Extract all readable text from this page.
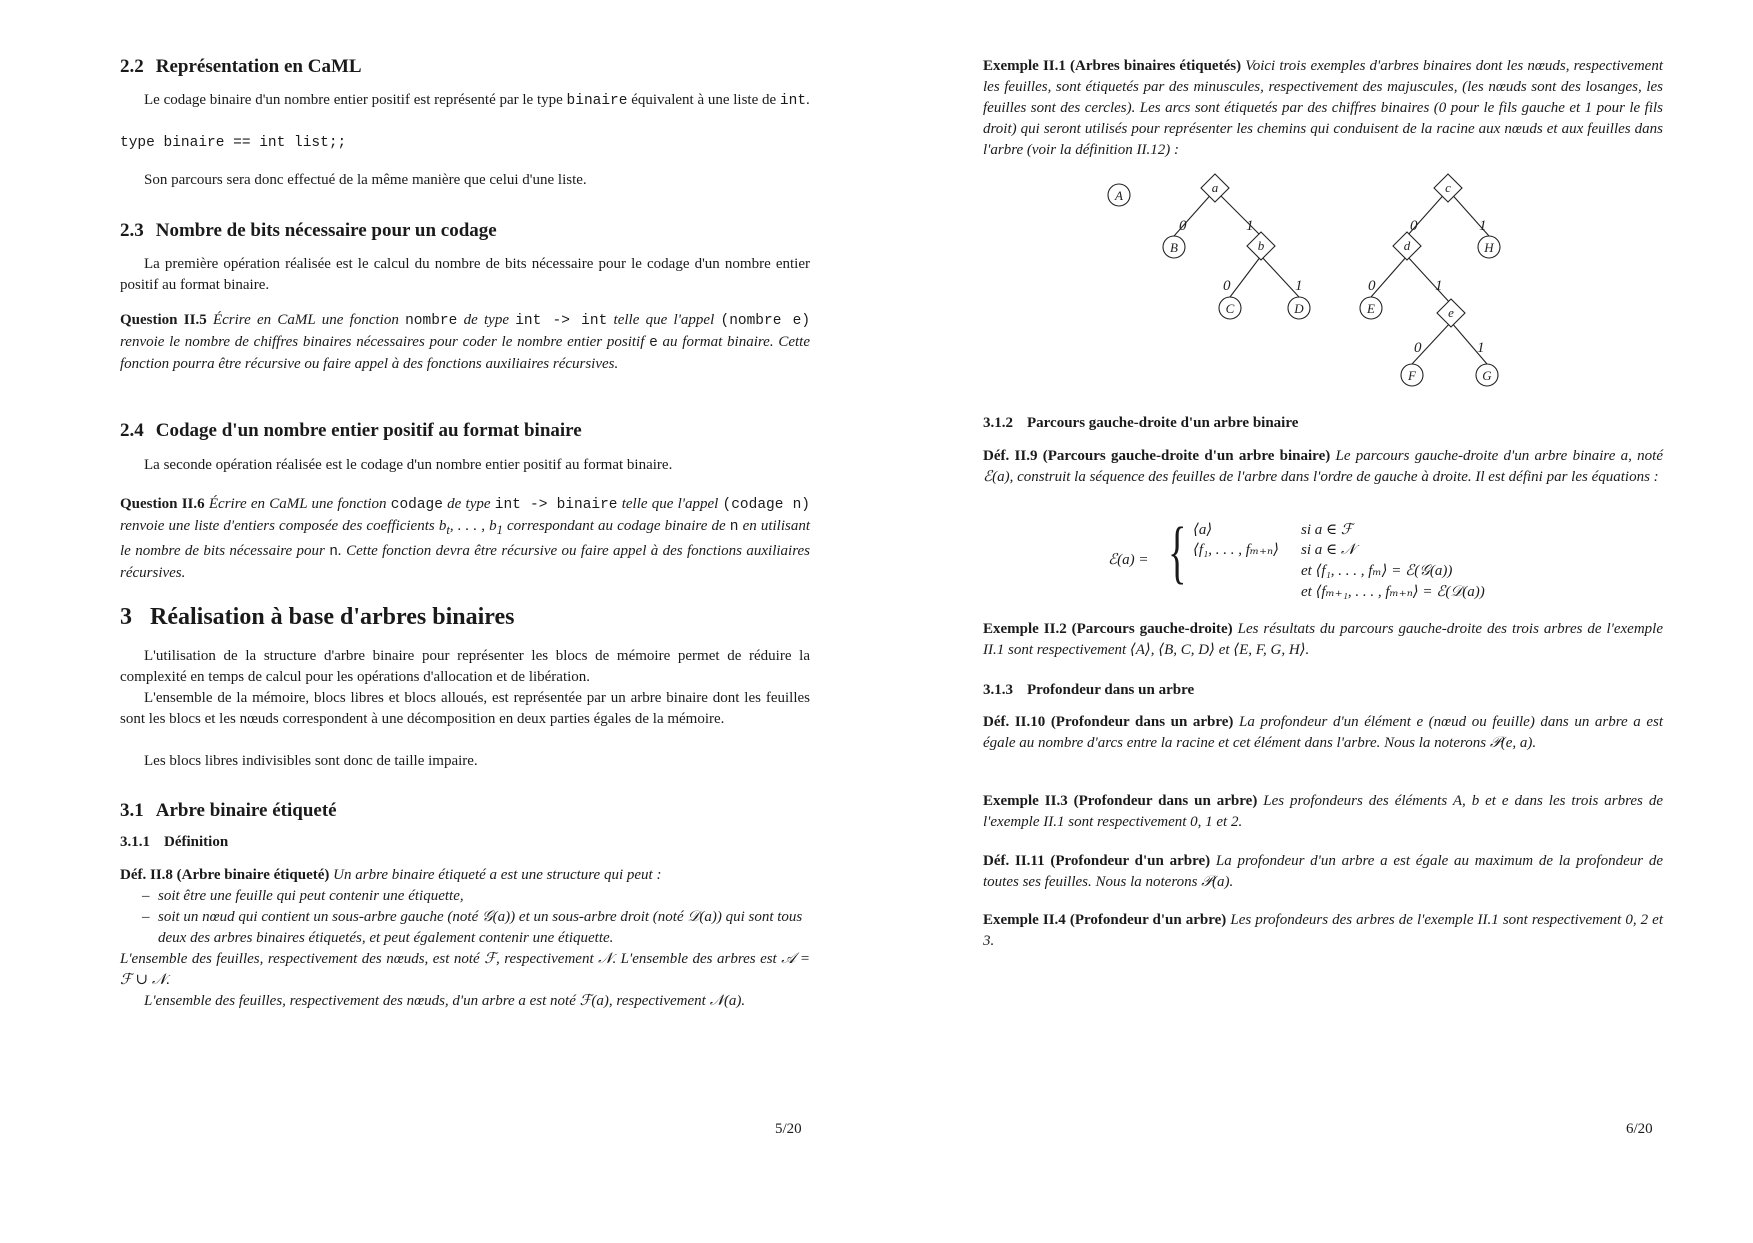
2.2 Représentation en CaML

Le codage binaire d'un nombre entier positif est représenté par le type binaire équivalent à une liste de int.

type binaire == int list;;

Son parcours sera donc effectué de la même manière que celui d'une liste.

2.3 Nombre de bits nécessaire pour un codage

La première opération réalisée est le calcul du nombre de bits nécessaire pour le codage d'un nombre entier positif au format binaire.

Question II.5 Écrire en CaML une fonction nombre de type int -> int telle que l'appel (nombre e) renvoie le nombre de chiffres binaires nécessaires pour coder le nombre entier positif e au format binaire. Cette fonction pourra être récursive ou faire appel à des fonctions auxiliaires récursives.

2.4 Codage d'un nombre entier positif au format binaire

La seconde opération réalisée est le codage d'un nombre entier positif au format binaire.

Question II.6 Écrire en CaML une fonction codage de type int -> binaire telle que l'appel (codage n) renvoie une liste d'entiers composée des coefficients $b_t$, . . . , $b_1$ correspondant au codage binaire de n en utilisant le nombre de bits nécessaire pour n. Cette fonction devra être récursive ou faire appel à des fonctions auxiliaires récursives.

3 Réalisation à base d'arbres binaires

L'utilisation de la structure d'arbre binaire pour représenter les blocs de mémoire permet de réduire la complexité en temps de calcul pour les opérations d'allocation et de libération.

L'ensemble de la mémoire, blocs libres et blocs alloués, est représentée par un arbre binaire dont les feuilles sont les blocs et les nœuds correspondent à une décomposition en deux parties égales de la mémoire.

Les blocs libres indivisibles sont donc de taille impaire.

3.1 Arbre binaire étiqueté
3.1.1 Définition
Déf. II.8 (Arbre binaire étiqueté) Un arbre binaire étiqueté a est une structure qui peut :
– soit être une feuille qui peut contenir une étiquette,
– soit un nœud qui contient un sous-arbre gauche (noté 𝒢(a)) et un sous-arbre droit (noté 𝒟(a)) qui sont tous deux des arbres binaires étiquetés, et peut également contenir une étiquette.
L'ensemble des feuilles, respectivement des nœuds, est noté ℱ, respectivement 𝒩. L'ensemble des arbres est 𝒜 = ℱ ∪ 𝒩.
L'ensemble des feuilles, respectivement des nœuds, d'un arbre a est noté ℱ(a), respectivement 𝒩(a).
5/20

Exemple II.1 (Arbres binaires étiquetés) Voici trois exemples d'arbres binaires dont les nœuds, respectivement les feuilles, sont étiquetés par des minuscules, respectivement des majuscules, (les nœuds sont des losanges, les feuilles sont des cercles). Les arcs sont étiquetés par des chiffres binaires (0 pour le fils gauche et 1 pour le fils droit) qui seront utilisés pour représenter les chemins qui conduisent de la racine aux nœuds et aux feuilles dans l'arbre (voir la définition II.12) :

0	1
0	1
0	1
0	1
0	1
A
B
C	D	E
F	G
H
a
b
c
d
e
3.1.2 Parcours gauche-droite d'un arbre binaire

Déf. II.9 (Parcours gauche-droite d'un arbre binaire) Le parcours gauche-droite d'un arbre binaire a, noté ℰ(a), construit la séquence des feuilles de l'arbre dans l'ordre de gauche à droite. Il est défini par les équations :

ℰ(a) = { ⟨a⟩	si a ∈ ℱ
⟨f₁, . . . , fₘ₊ₙ⟩ si a ∈ 𝒩
et ⟨f₁, . . . , fₘ⟩ = ℰ(𝒢(a))
et ⟨fₘ₊₁, . . . , fₘ₊ₙ⟩ = ℰ(𝒟(a))

Exemple II.2 (Parcours gauche-droite) Les résultats du parcours gauche-droite des trois arbres de l'exemple II.1 sont respectivement ⟨A⟩, ⟨B, C, D⟩ et ⟨E, F, G, H⟩.

3.1.3 Profondeur dans un arbre

Déf. II.10 (Profondeur dans un arbre) La profondeur d'un élément e (nœud ou feuille) dans un arbre a est égale au nombre d'arcs entre la racine et cet élément dans l'arbre. Nous la noterons 𝒫(e, a).

Exemple II.3 (Profondeur dans un arbre) Les profondeurs des éléments A, b et e dans les trois arbres de l'exemple II.1 sont respectivement 0, 1 et 2.

Déf. II.11 (Profondeur d'un arbre) La profondeur d'un arbre a est égale au maximum de la profondeur de toutes ses feuilles. Nous la noterons 𝒫(a).

Exemple II.4 (Profondeur d'un arbre) Les profondeurs des arbres de l'exemple II.1 sont respectivement 0, 2 et 3.

6/20
